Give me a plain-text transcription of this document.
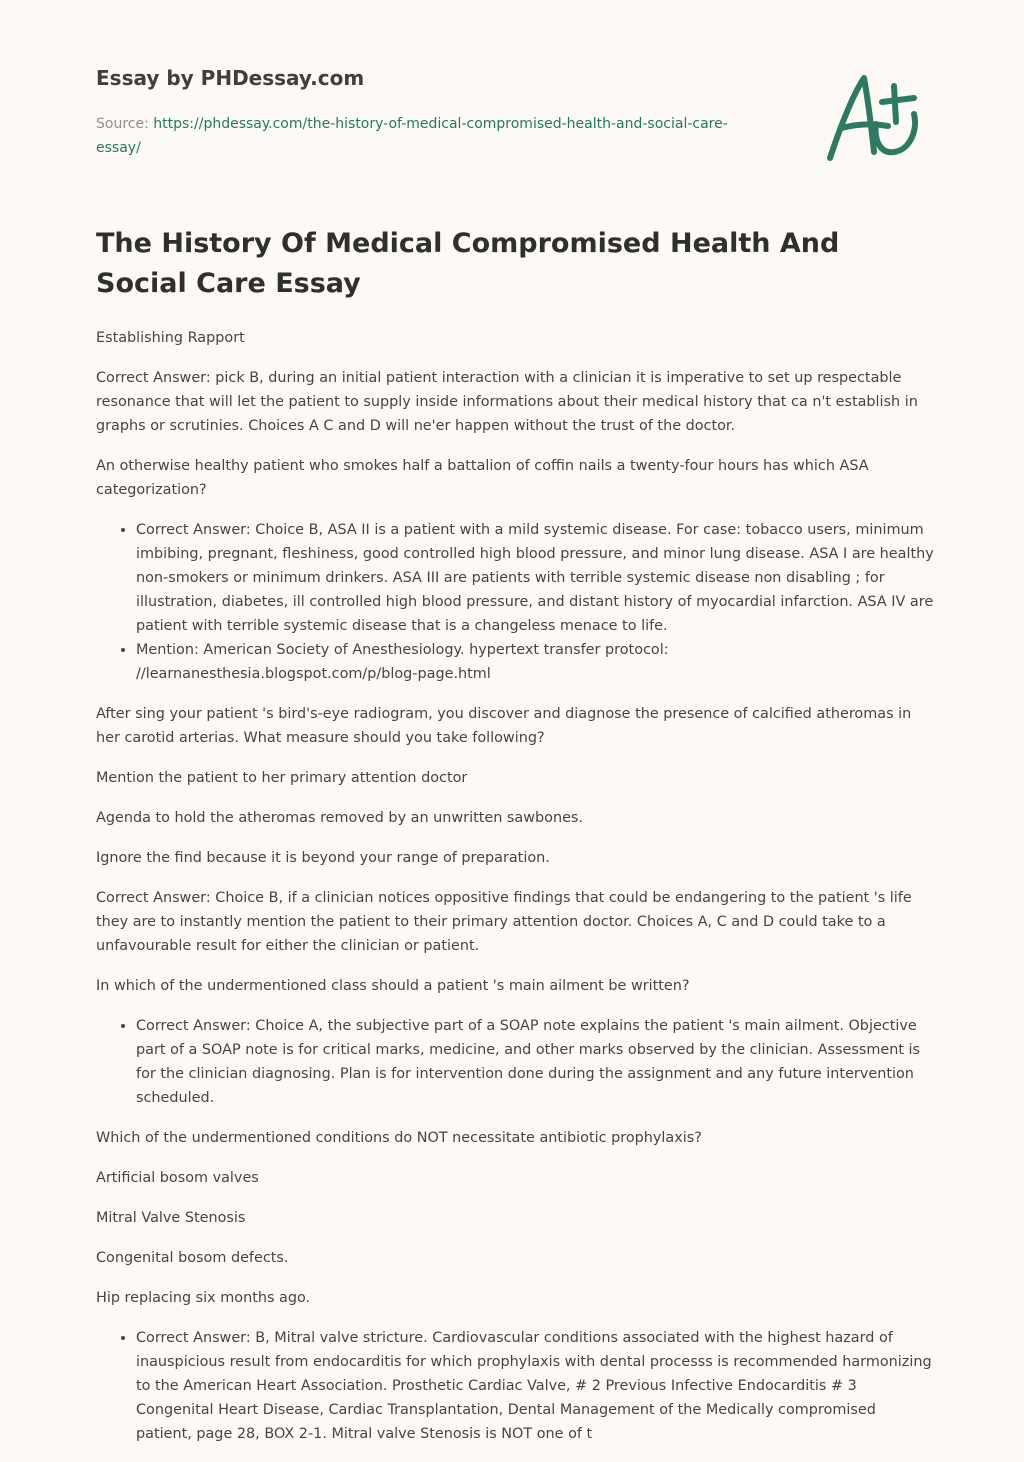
Essay by PHDessay.com
Source: https://phdessay.com/the-history-of-medical-compromised-health-and-social-care-essay/
The History Of Medical Compromised Health And Social Care Essay

Establishing Rapport

Correct Answer: pick B, during an initial patient interaction with a clinician it is imperative to set up respectable resonance that will let the patient to supply inside informations about their medical history that ca n't establish in graphs or scrutinies. Choices A C and D will ne'er happen without the trust of the doctor.

An otherwise healthy patient who smokes half a battalion of coffin nails a twenty-four hours has which ASA categorization?

• Correct Answer: Choice B, ASA II is a patient with a mild systemic disease. For case: tobacco users, minimum imbibing, pregnant, fleshiness, good controlled high blood pressure, and minor lung disease. ASA I are healthy non-smokers or minimum drinkers. ASA III are patients with terrible systemic disease non disabling ; for illustration, diabetes, ill controlled high blood pressure, and distant history of myocardial infarction. ASA IV are patient with terrible systemic disease that is a changeless menace to life.
• Mention: American Society of Anesthesiology. hypertext transfer protocol: //learnanesthesia.blogspot.com/p/blog-page.html

After sing your patient 's bird's-eye radiogram, you discover and diagnose the presence of calcified atheromas in her carotid arterias. What measure should you take following?

Mention the patient to her primary attention doctor

Agenda to hold the atheromas removed by an unwritten sawbones.

Ignore the find because it is beyond your range of preparation.

Correct Answer: Choice B, if a clinician notices oppositive findings that could be endangering to the patient 's life they are to instantly mention the patient to their primary attention doctor. Choices A, C and D could take to a unfavourable result for either the clinician or patient.

In which of the undermentioned class should a patient 's main ailment be written?

• Correct Answer: Choice A, the subjective part of a SOAP note explains the patient 's main ailment. Objective part of a SOAP note is for critical marks, medicine, and other marks observed by the clinician. Assessment is for the clinician diagnosing. Plan is for intervention done during the assignment and any future intervention scheduled.

Which of the undermentioned conditions do NOT necessitate antibiotic prophylaxis?

Artificial bosom valves

Mitral Valve Stenosis

Congenital bosom defects.

Hip replacing six months ago.

• Correct Answer: B, Mitral valve stricture. Cardiovascular conditions associated with the highest hazard of inauspicious result from endocarditis for which prophylaxis with dental processs is recommended harmonizing to the American Heart Association. Prosthetic Cardiac Valve, # 2 Previous Infective Endocarditis # 3 Congenital Heart Disease, Cardiac Transplantation, Dental Management of the Medically compromised patient, page 28, BOX 2-1. Mitral valve Stenosis is NOT one of t
